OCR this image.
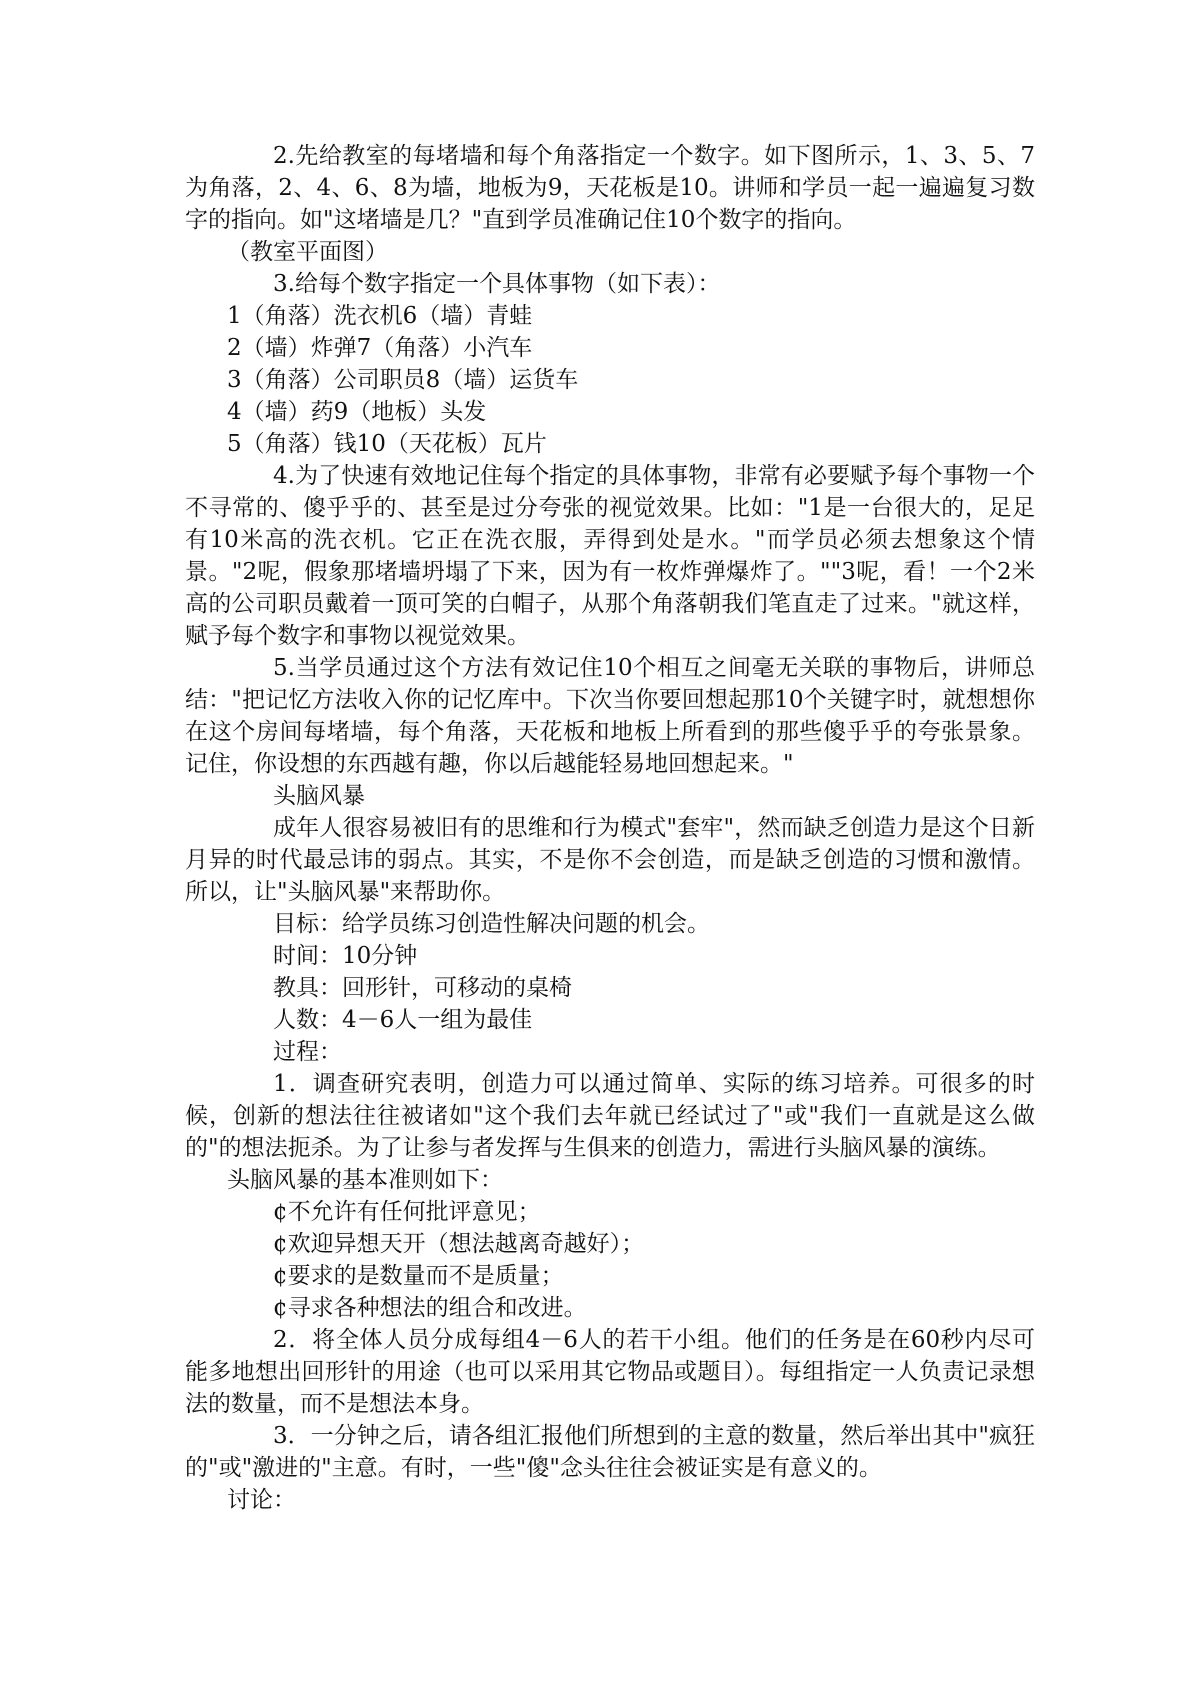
2.先给教室的每堵墙和每个角落指定一个数字。如下图所示，1、3、5、7为角落，2、4、6、8为墙，地板为9，天花板是10。讲师和学员一起一遍遍复习数字的指向。如"这堵墙是几？"直到学员准确记住10个数字的指向。

（教室平面图）

3.给每个数字指定一个具体事物（如下表）：

1（角落）洗衣机6（墙）青蛙

2（墙）炸弹7（角落）小汽车

3（角落）公司职员8（墙）运货车

4（墙）药9（地板）头发

5（角落）钱10（天花板）瓦片

4.为了快速有效地记住每个指定的具体事物，非常有必要赋予每个事物一个不寻常的、傻乎乎的、甚至是过分夸张的视觉效果。比如："1是一台很大的，足足有10米高的洗衣机。它正在洗衣服，弄得到处是水。"而学员必须去想象这个情景。"2呢，假象那堵墙坍塌了下来，因为有一枚炸弹爆炸了。""3呢，看！一个2米高的公司职员戴着一顶可笑的白帽子，从那个角落朝我们笔直走了过来。"就这样，赋予每个数字和事物以视觉效果。

5.当学员通过这个方法有效记住10个相互之间毫无关联的事物后，讲师总结："把记忆方法收入你的记忆库中。下次当你要回想起那10个关键字时，就想想你在这个房间每堵墙，每个角落，天花板和地板上所看到的那些傻乎乎的夸张景象。记住，你设想的东西越有趣，你以后越能轻易地回想起来。"

头脑风暴

成年人很容易被旧有的思维和行为模式"套牢"，然而缺乏创造力是这个日新月异的时代最忌讳的弱点。其实，不是你不会创造，而是缺乏创造的习惯和激情。所以，让"头脑风暴"来帮助你。

目标：给学员练习创造性解决问题的机会。

时间：10分钟

教具：回形针，可移动的桌椅

人数：4－6人一组为最佳

过程：

1．调查研究表明，创造力可以通过简单、实际的练习培养。可很多的时候，创新的想法往往被诸如"这个我们去年就已经试过了"或"我们一直就是这么做的"的想法扼杀。为了让参与者发挥与生俱来的创造力，需进行头脑风暴的演练。

头脑风暴的基本准则如下：

¢不允许有任何批评意见；

¢欢迎异想天开（想法越离奇越好）；

¢要求的是数量而不是质量；

¢寻求各种想法的组合和改进。

2．将全体人员分成每组4－6人的若干小组。他们的任务是在60秒内尽可能多地想出回形针的用途（也可以采用其它物品或题目）。每组指定一人负责记录想法的数量，而不是想法本身。

3．一分钟之后，请各组汇报他们所想到的主意的数量，然后举出其中"疯狂的"或"激进的"主意。有时，一些"傻"念头往往会被证实是有意义的。

讨论：
